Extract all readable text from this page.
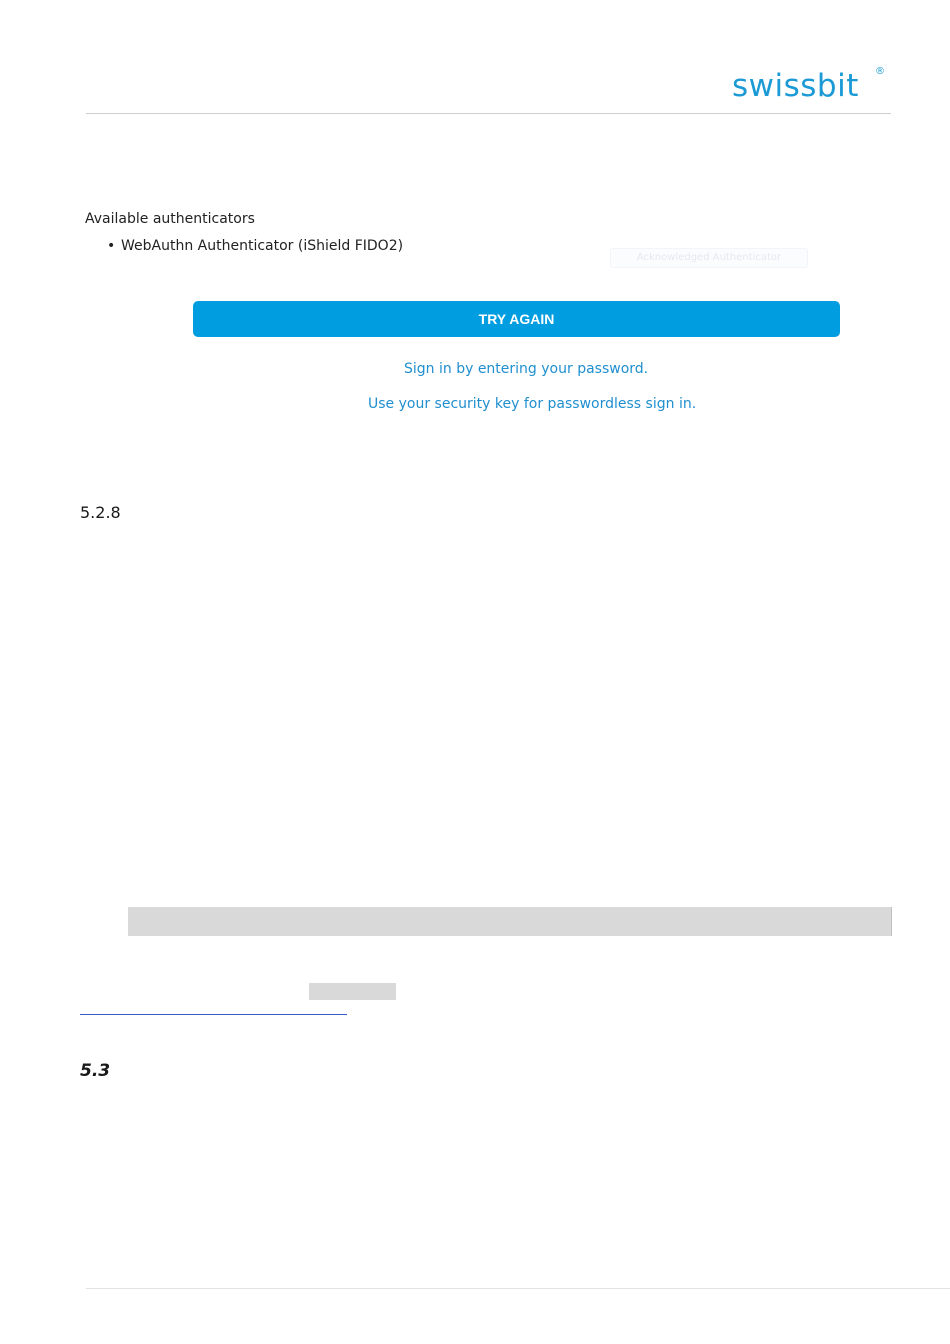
swissbit ®
Available authenticators
• WebAuthn Authenticator (iShield FIDO2)
Acknowledged Authenticator
TRY AGAIN
Sign in by entering your password.
Use your security key for passwordless sign in.
5.2.8
5.3
